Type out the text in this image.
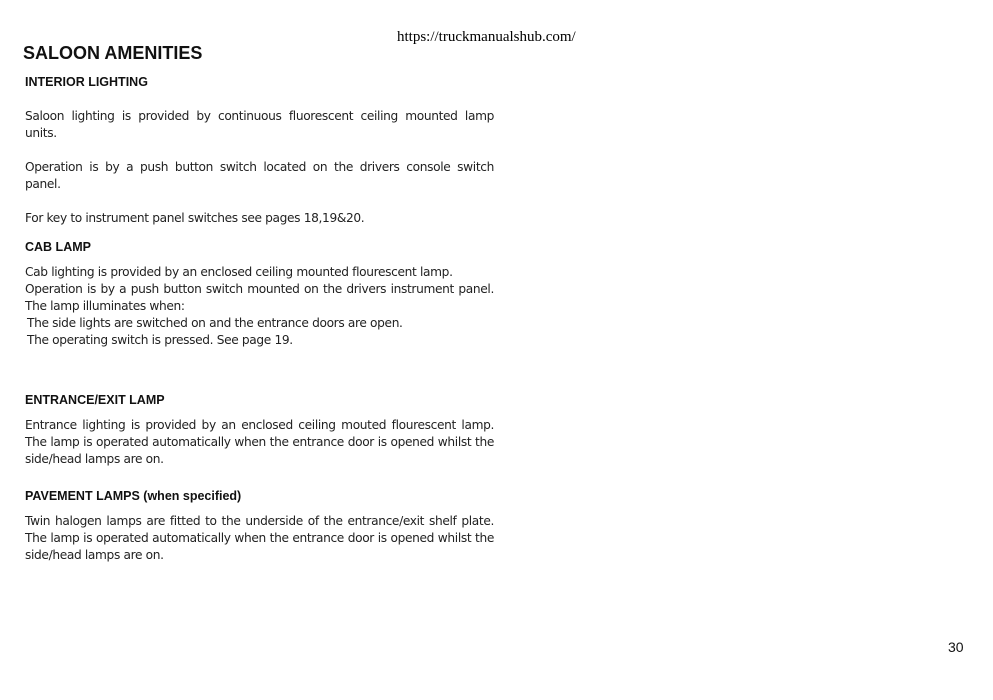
https://truckmanualshub.com/
SALOON AMENITIES
INTERIOR LIGHTING

Saloon lighting is provided by continuous fluorescent ceiling mounted lamp units.

Operation is by a push button switch located on the drivers console switch panel.

For key to instrument panel switches see pages 18,19&20.

CAB LAMP
Cab lighting is provided by an enclosed ceiling mounted flourescent lamp.
Operation is by a push button switch mounted on the drivers instrument panel. The lamp illuminates when:
The side lights are switched on and the entrance doors are open.
The operating switch is pressed. See page 19.
ENTRANCE/EXIT LAMP

Entrance lighting is provided by an enclosed ceiling mouted flourescent lamp. The lamp is operated automatically when the entrance door is opened whilst the side/head lamps are on.

PAVEMENT LAMPS (when specified)

Twin halogen lamps are fitted to the underside of the entrance/exit shelf plate. The lamp is operated automatically when the entrance door is opened whilst the side/head lamps are on.

30
